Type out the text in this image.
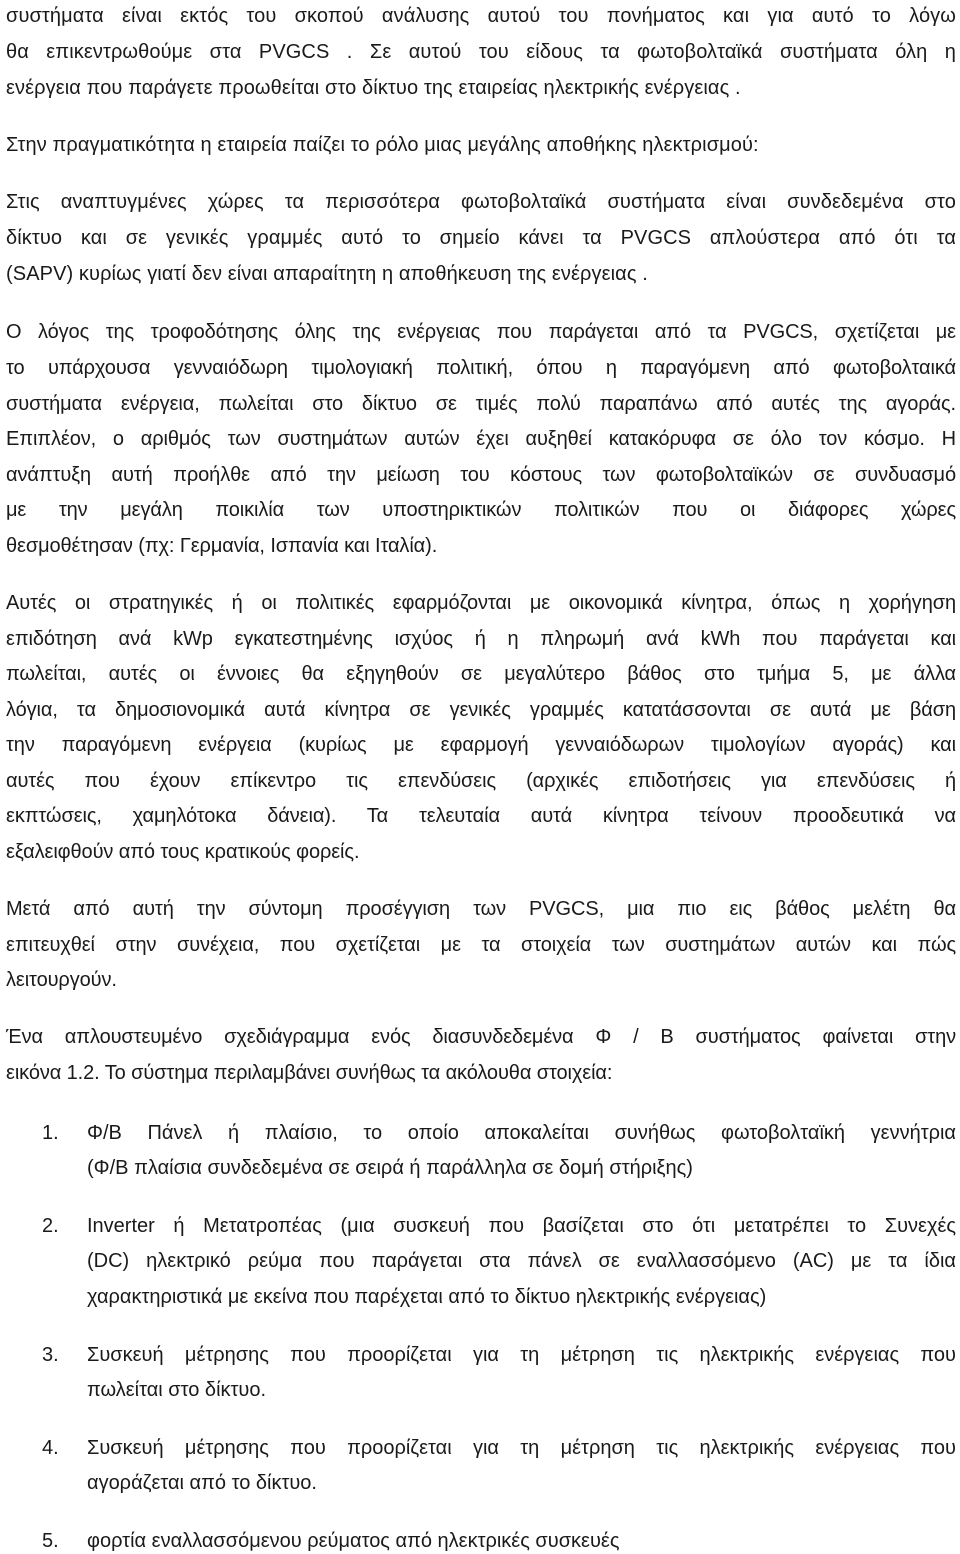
συστήματα είναι εκτός του σκοπού ανάλυσης αυτού του πονήματος και για αυτό το λόγω
θα επικεντρωθούμε στα PVGCS . Σε αυτού του είδους τα φωτοβολταϊκά συστήματα όλη η
ενέργεια που παράγετε προωθείται στο δίκτυο της εταιρείας ηλεκτρικής ενέργειας .
Στην πραγματικότητα η εταιρεία παίζει το ρόλο μιας μεγάλης αποθήκης ηλεκτρισμού:
Στις αναπτυγμένες χώρες τα περισσότερα φωτοβολταϊκά συστήματα είναι συνδεδεμένα στο
δίκτυο και σε γενικές γραμμές αυτό το σημείο κάνει τα PVGCS απλούστερα από ότι τα
(SAPV) κυρίως γιατί δεν είναι απαραίτητη η αποθήκευση της ενέργειας .
Ο λόγος της τροφοδότησης όλης της ενέργειας που παράγεται από τα PVGCS, σχετίζεται με
το υπάρχουσα γενναιόδωρη τιμολογιακή πολιτική, όπου η παραγόμενη από φωτοβολταικά
συστήματα ενέργεια, πωλείται στο δίκτυο σε τιμές πολύ παραπάνω από αυτές της αγοράς.
Επιπλέον, ο αριθμός των συστημάτων αυτών έχει αυξηθεί κατακόρυφα σε όλο τον κόσμο. Η
ανάπτυξη αυτή προήλθε από την μείωση του κόστους των φωτοβολταϊκών σε συνδυασμό
με την μεγάλη ποικιλία των υποστηρικτικών πολιτικών που οι διάφορες χώρες
θεσμοθέτησαν (πχ: Γερμανία, Ισπανία και Ιταλία).
Αυτές οι στρατηγικές ή οι πολιτικές εφαρμόζονται με οικονομικά κίνητρα, όπως η χορήγηση
επιδότηση ανά kWp εγκατεστημένης ισχύος ή η πληρωμή ανά kWh που παράγεται και
πωλείται, αυτές οι έννοιες θα εξηγηθούν σε μεγαλύτερο βάθος στο τμήμα 5, με άλλα
λόγια, τα δημοσιονομικά αυτά κίνητρα σε γενικές γραμμές κατατάσσονται σε αυτά με βάση
την παραγόμενη ενέργεια (κυρίως με εφαρμογή γενναιόδωρων τιμολογίων αγοράς) και
αυτές που έχουν επίκεντρο τις επενδύσεις (αρχικές επιδοτήσεις για επενδύσεις ή
εκπτώσεις, χαμηλότοκα δάνεια). Τα τελευταία αυτά κίνητρα τείνουν προοδευτικά να
εξαλειφθούν από τους κρατικούς φορείς.
Μετά από αυτή την σύντομη προσέγγιση των PVGCS, μια πιο εις βάθος μελέτη θα
επιτευχθεί στην συνέχεια, που σχετίζεται με τα στοιχεία των συστημάτων αυτών και πώς
λειτουργούν.
Ένα απλουστευμένο σχεδιάγραμμα ενός διασυνδεδεμένα Φ / Β συστήματος φαίνεται στην
εικόνα 1.2. Το σύστημα περιλαμβάνει συνήθως τα ακόλουθα στοιχεία:
1. Φ/Β Πάνελ ή πλαίσιο, το οποίο αποκαλείται συνήθως φωτοβολταϊκή γεννήτρια
(Φ/Β πλαίσια συνδεδεμένα σε σειρά ή παράλληλα σε δομή στήριξης)
2. Inverter ή Μετατροπέας (μια συσκευή που βασίζεται στο ότι μετατρέπει το Συνεχές
(DC) ηλεκτρικό ρεύμα που παράγεται στα πάνελ σε εναλλασσόμενο (AC) με τα ίδια
χαρακτηριστικά με εκείνα που παρέχεται από το δίκτυο ηλεκτρικής ενέργειας)
3. Συσκευή μέτρησης που προορίζεται για τη μέτρηση τις ηλεκτρικής ενέργειας που
πωλείται στο δίκτυο.
4. Συσκευή μέτρησης που προορίζεται για τη μέτρηση τις ηλεκτρικής ενέργειας που
αγοράζεται από το δίκτυο.
5. φορτία εναλλασσόμενου ρεύματος από ηλεκτρικές συσκευές
